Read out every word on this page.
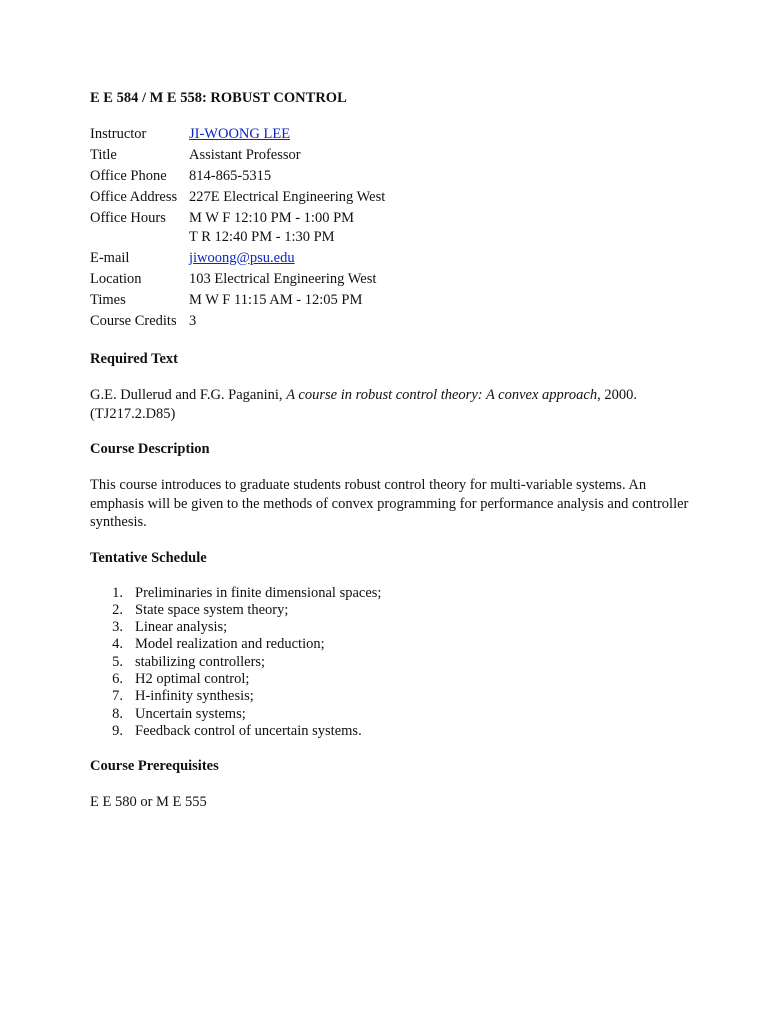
E E 584 / M E 558: ROBUST CONTROL
Instructor	JI-WOONG LEE
Title	Assistant Professor
Office Phone	814-865-5315
Office Address	227E Electrical Engineering West
Office Hours	M W F 12:10 PM - 1:00 PM
T R 12:40 PM - 1:30 PM

E-mail	jiwoong@psu.edu
Location	103 Electrical Engineering West
Times	M W F 11:15 AM - 12:05 PM
Course Credits	3
Required Text

G.E. Dullerud and F.G. Paganini, A course in robust control theory: A convex approach, 2000.
(TJ217.2.D85)

Course Description

This course introduces to graduate students robust control theory for multi-variable systems. An emphasis will be given to the methods of convex programming for performance analysis and controller synthesis.

Tentative Schedule
1. Preliminaries in finite dimensional spaces;
2. State space system theory;
3. Linear analysis;
4. Model realization and reduction;
5. stabilizing controllers;
6. H2 optimal control;
7. H-infinity synthesis;
8. Uncertain systems;
9. Feedback control of uncertain systems.
Course Prerequisites

E E 580 or M E 555
